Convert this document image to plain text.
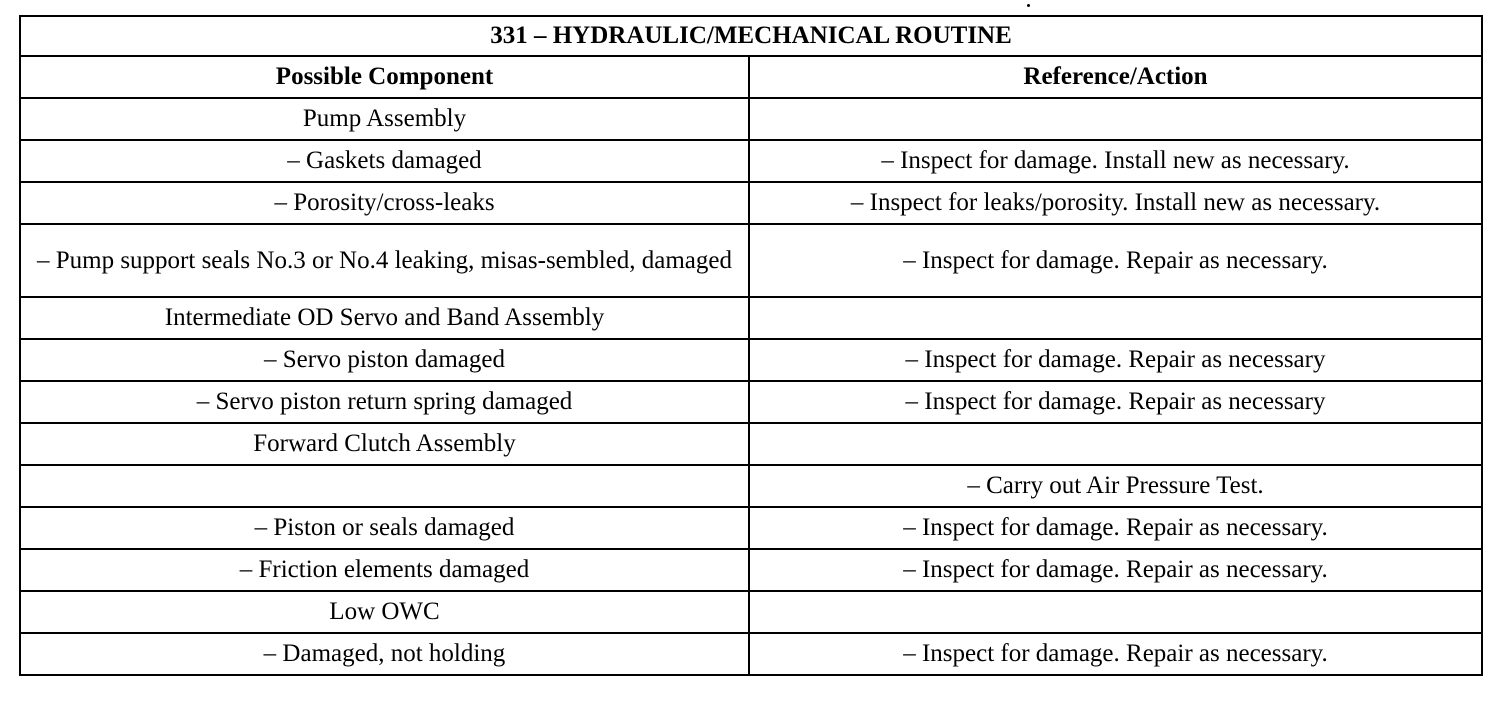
331 – HYDRAULIC/MECHANICAL ROUTINE	
Possible Component	Reference/Action
Pump Assembly	
– Gaskets damaged	– Inspect for damage. Install new as necessary.
– Porosity/cross-leaks	– Inspect for leaks/porosity. Install new as necessary.
– Pump support seals No.3 or No.4 leaking, misas-sembled, damaged	– Inspect for damage. Repair as necessary.
Intermediate OD Servo and Band Assembly	
– Servo piston damaged	– Inspect for damage. Repair as necessary
– Servo piston return spring damaged	– Inspect for damage. Repair as necessary
Forward Clutch Assembly	
	– Carry out Air Pressure Test.
– Piston or seals damaged	– Inspect for damage. Repair as necessary.
– Friction elements damaged	– Inspect for damage. Repair as necessary.
Low OWC	
– Damaged, not holding	– Inspect for damage. Repair as necessary.
